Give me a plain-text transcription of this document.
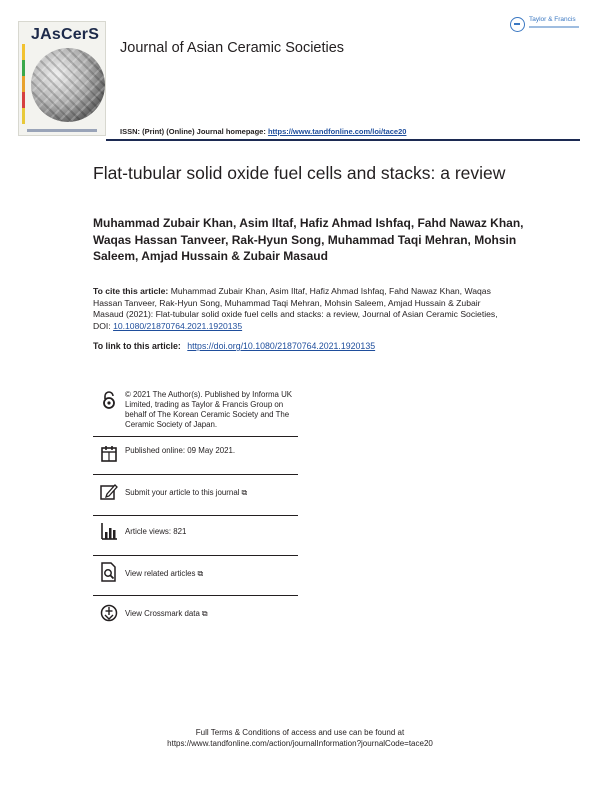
JAsCerS
Journal of Asian Ceramic Societies
Taylor & Francis
ISSN: (Print) (Online) Journal homepage: https://www.tandfonline.com/loi/tace20
Flat-tubular solid oxide fuel cells and stacks: a review
Muhammad Zubair Khan, Asim Iltaf, Hafiz Ahmad Ishfaq, Fahd Nawaz Khan, Waqas Hassan Tanveer, Rak-Hyun Song, Muhammad Taqi Mehran, Mohsin Saleem, Amjad Hussain & Zubair Masaud
To cite this article: Muhammad Zubair Khan, Asim Iltaf, Hafiz Ahmad Ishfaq, Fahd Nawaz Khan, Waqas Hassan Tanveer, Rak-Hyun Song, Muhammad Taqi Mehran, Mohsin Saleem, Amjad Hussain & Zubair Masaud (2021): Flat-tubular solid oxide fuel cells and stacks: a review, Journal of Asian Ceramic Societies, DOI: 10.1080/21870764.2021.1920135
To link to this article: https://doi.org/10.1080/21870764.2021.1920135
© 2021 The Author(s). Published by Informa UK Limited, trading as Taylor & Francis Group on behalf of The Korean Ceramic Society and The Ceramic Society of Japan.
Published online: 09 May 2021.
Submit your article to this journal ⧉
Article views: 821
View related articles ⧉
View Crossmark data ⧉
Full Terms & Conditions of access and use can be found at
https://www.tandfonline.com/action/journalInformation?journalCode=tace20
